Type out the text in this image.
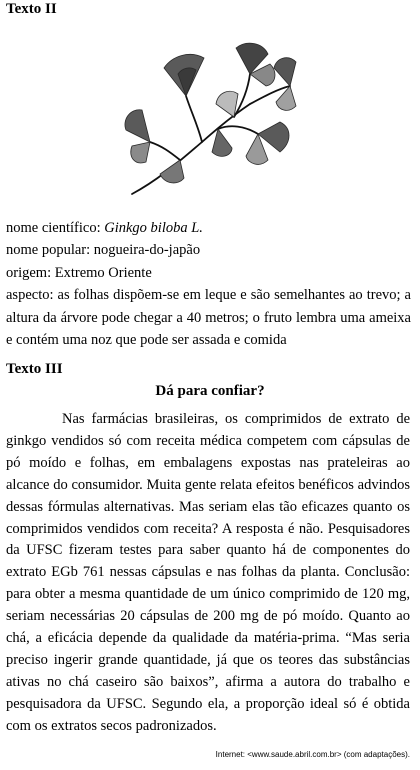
Texto II
nome científico: Ginkgo biloba L.
nome popular: nogueira-do-japão
origem: Extremo Oriente
aspecto: as folhas dispõem-se em leque e são semelhantes ao trevo; a altura da árvore pode chegar a 40 metros; o fruto lembra uma ameixa e contém uma noz que pode ser assada e comida
Texto III
Dá para confiar?

Nas farmácias brasileiras, os comprimidos de extrato de ginkgo vendidos só com receita médica competem com cápsulas de pó moído e folhas, em embalagens expostas nas prateleiras ao alcance do consumidor. Muita gente relata efeitos benéficos advindos dessas fórmulas alternativas. Mas seriam elas tão eficazes quanto os comprimidos vendidos com receita? A resposta é não. Pesquisadores da UFSC fizeram testes para saber quanto há de componentes do extrato EGb 761 nessas cápsulas e nas folhas da planta. Conclusão: para obter a mesma quantidade de um único comprimido de 120 mg, seriam necessárias 20 cápsulas de 200 mg de pó moído. Quanto ao chá, a eficácia depende da qualidade da matéria-prima. “Mas seria preciso ingerir grande quantidade, já que os teores das substâncias ativas no chá caseiro são baixos”, afirma a autora do trabalho e pesquisadora da UFSC. Segundo ela, a proporção ideal só é obtida com os extratos secos padronizados.

Internet: <www.saude.abril.com.br> (com adaptações).
